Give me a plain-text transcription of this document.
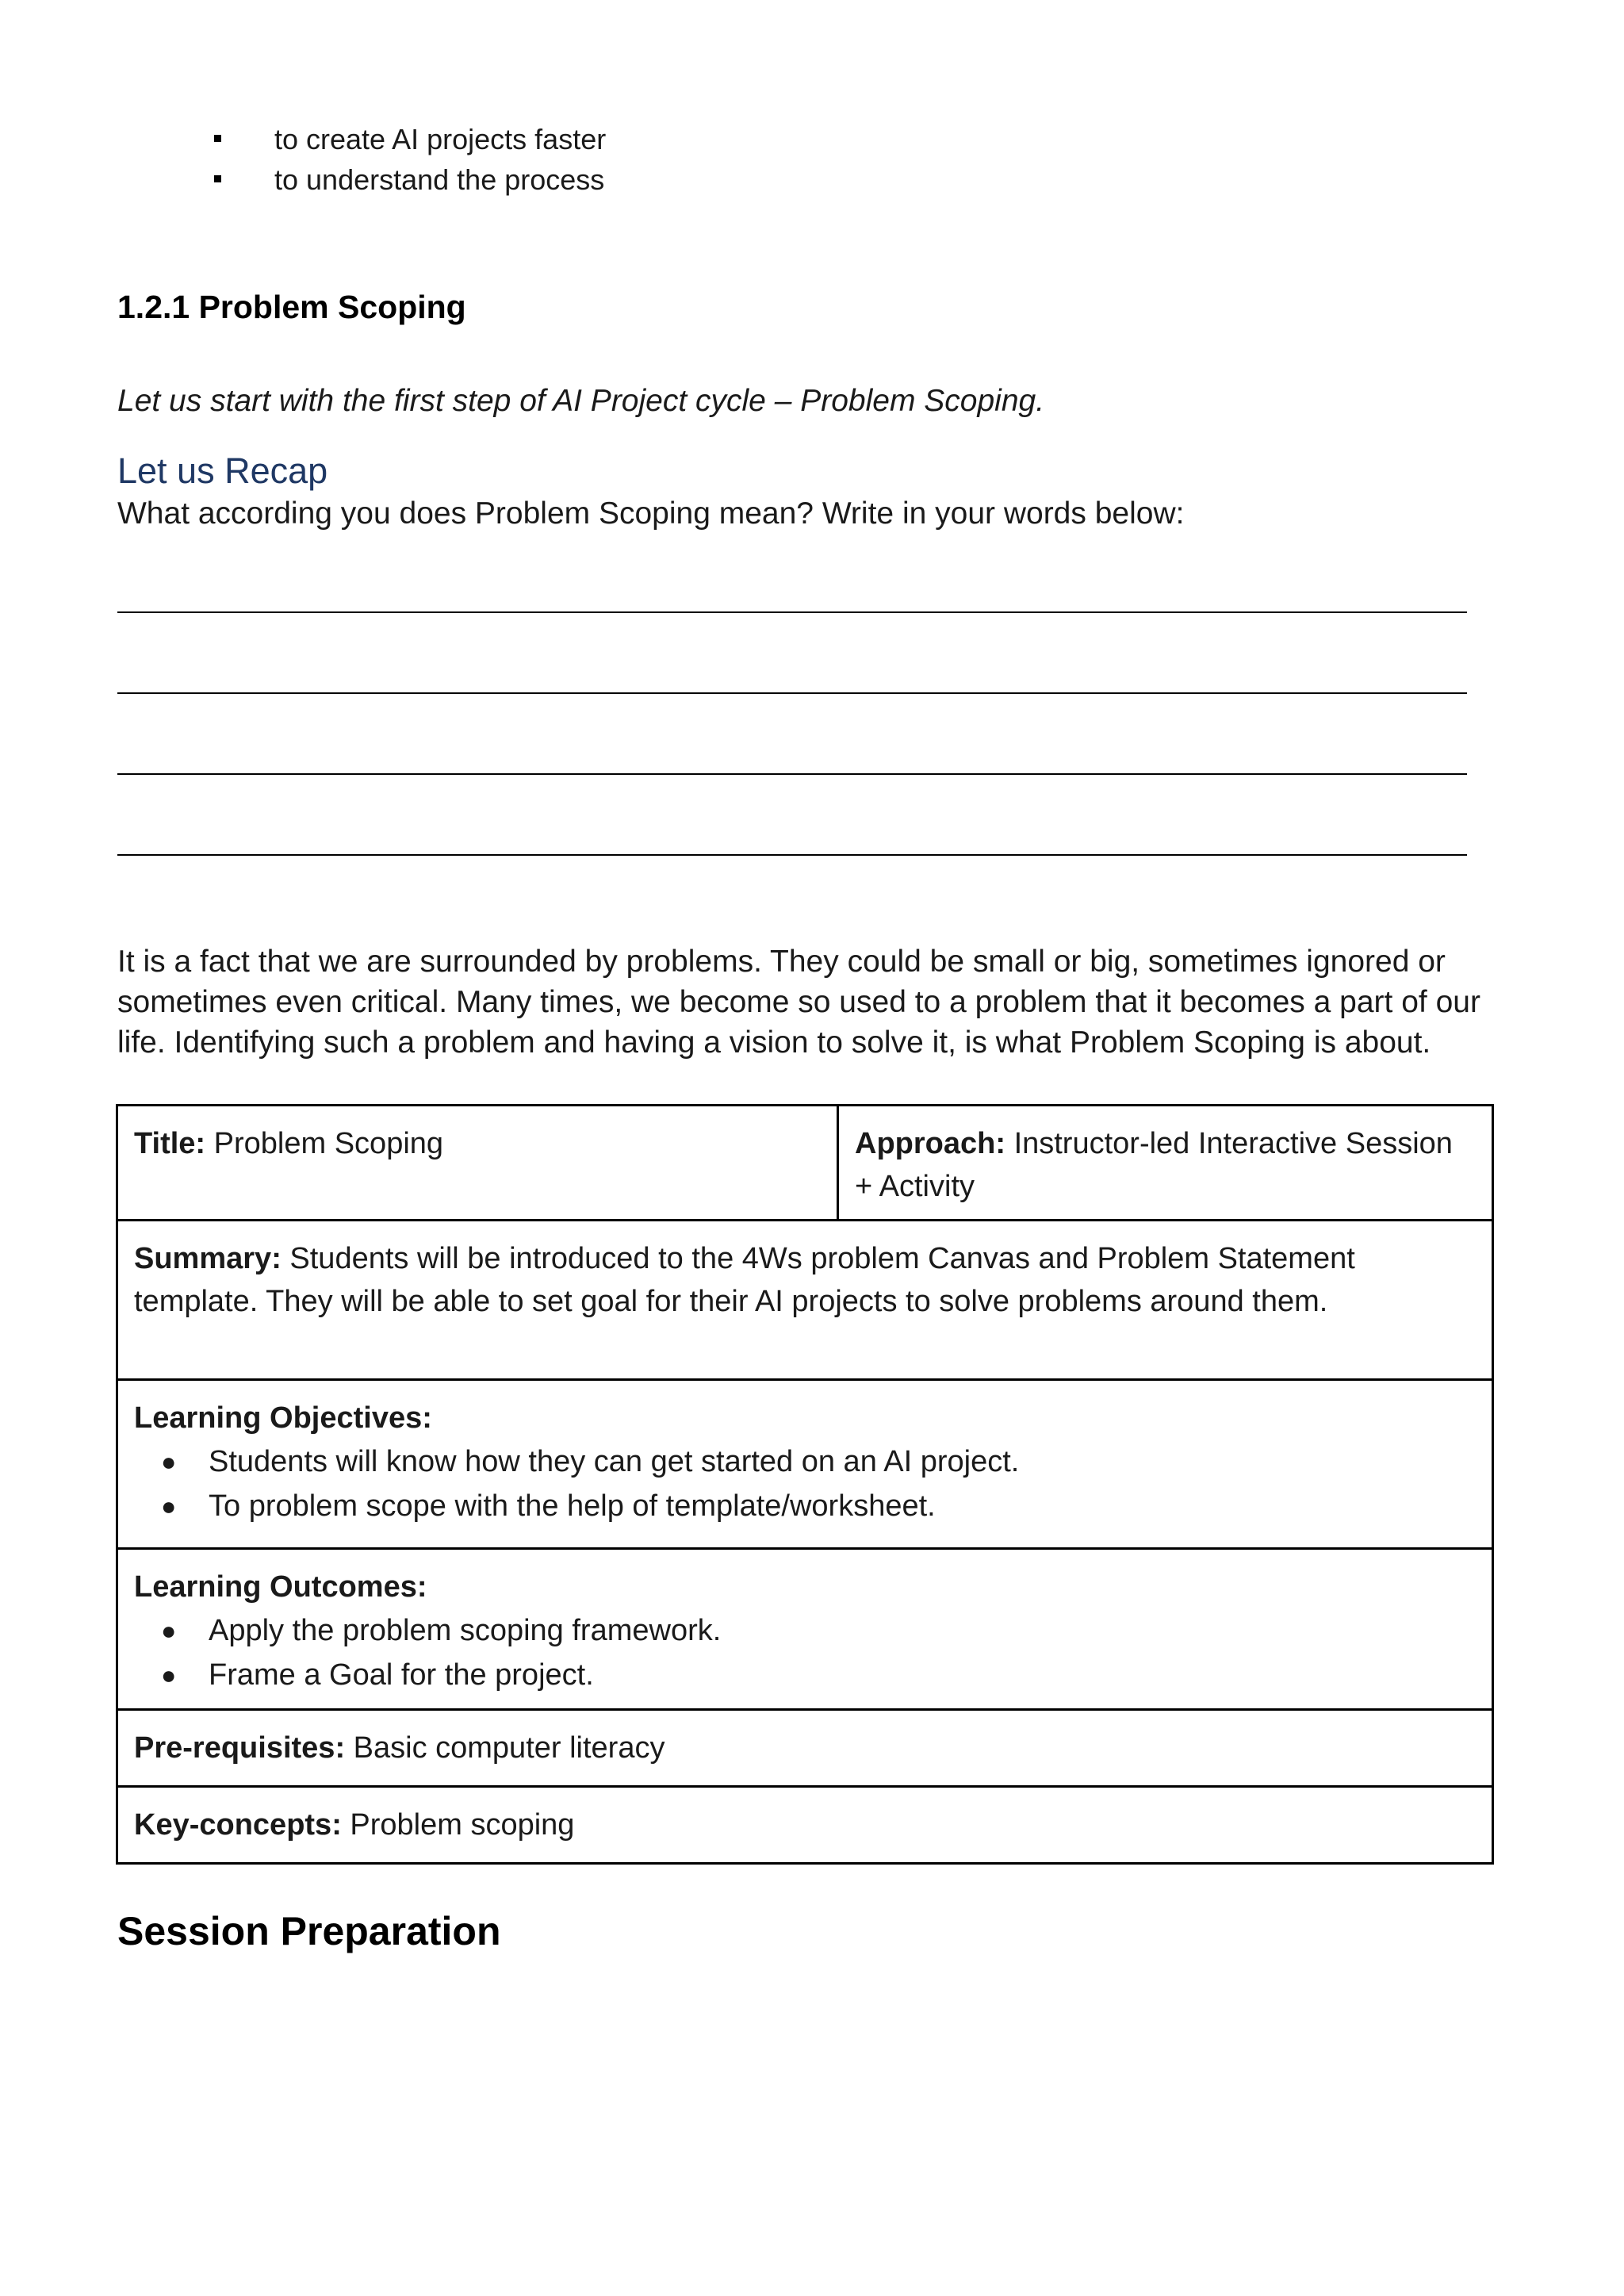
to create AI projects faster
to understand the process
1.2.1 Problem Scoping

Let us start with the first step of AI Project cycle – Problem Scoping.

Let us Recap

What according you does Problem Scoping mean? Write in your words below:

It is a fact that we are surrounded by problems. They could be small or big, sometimes ignored or sometimes even critical. Many times, we become so used to a problem that it becomes a part of our life. Identifying such a problem and having a vision to solve it, is what Problem Scoping is about.

Title: Problem Scoping	Approach: Instructor-led Interactive Session + Activity
Summary: Students will be introduced to the 4Ws problem Canvas and Problem Statement template. They will be able to set goal for their AI projects to solve problems around them.
Learning Objectives:
● Students will know how they can get started on an AI project.
● To problem scope with the help of template/worksheet.

Learning Outcomes:
● Apply the problem scoping framework.
● Frame a Goal for the project.

Pre-requisites: Basic computer literacy
Key-concepts: Problem scoping
Session Preparation
